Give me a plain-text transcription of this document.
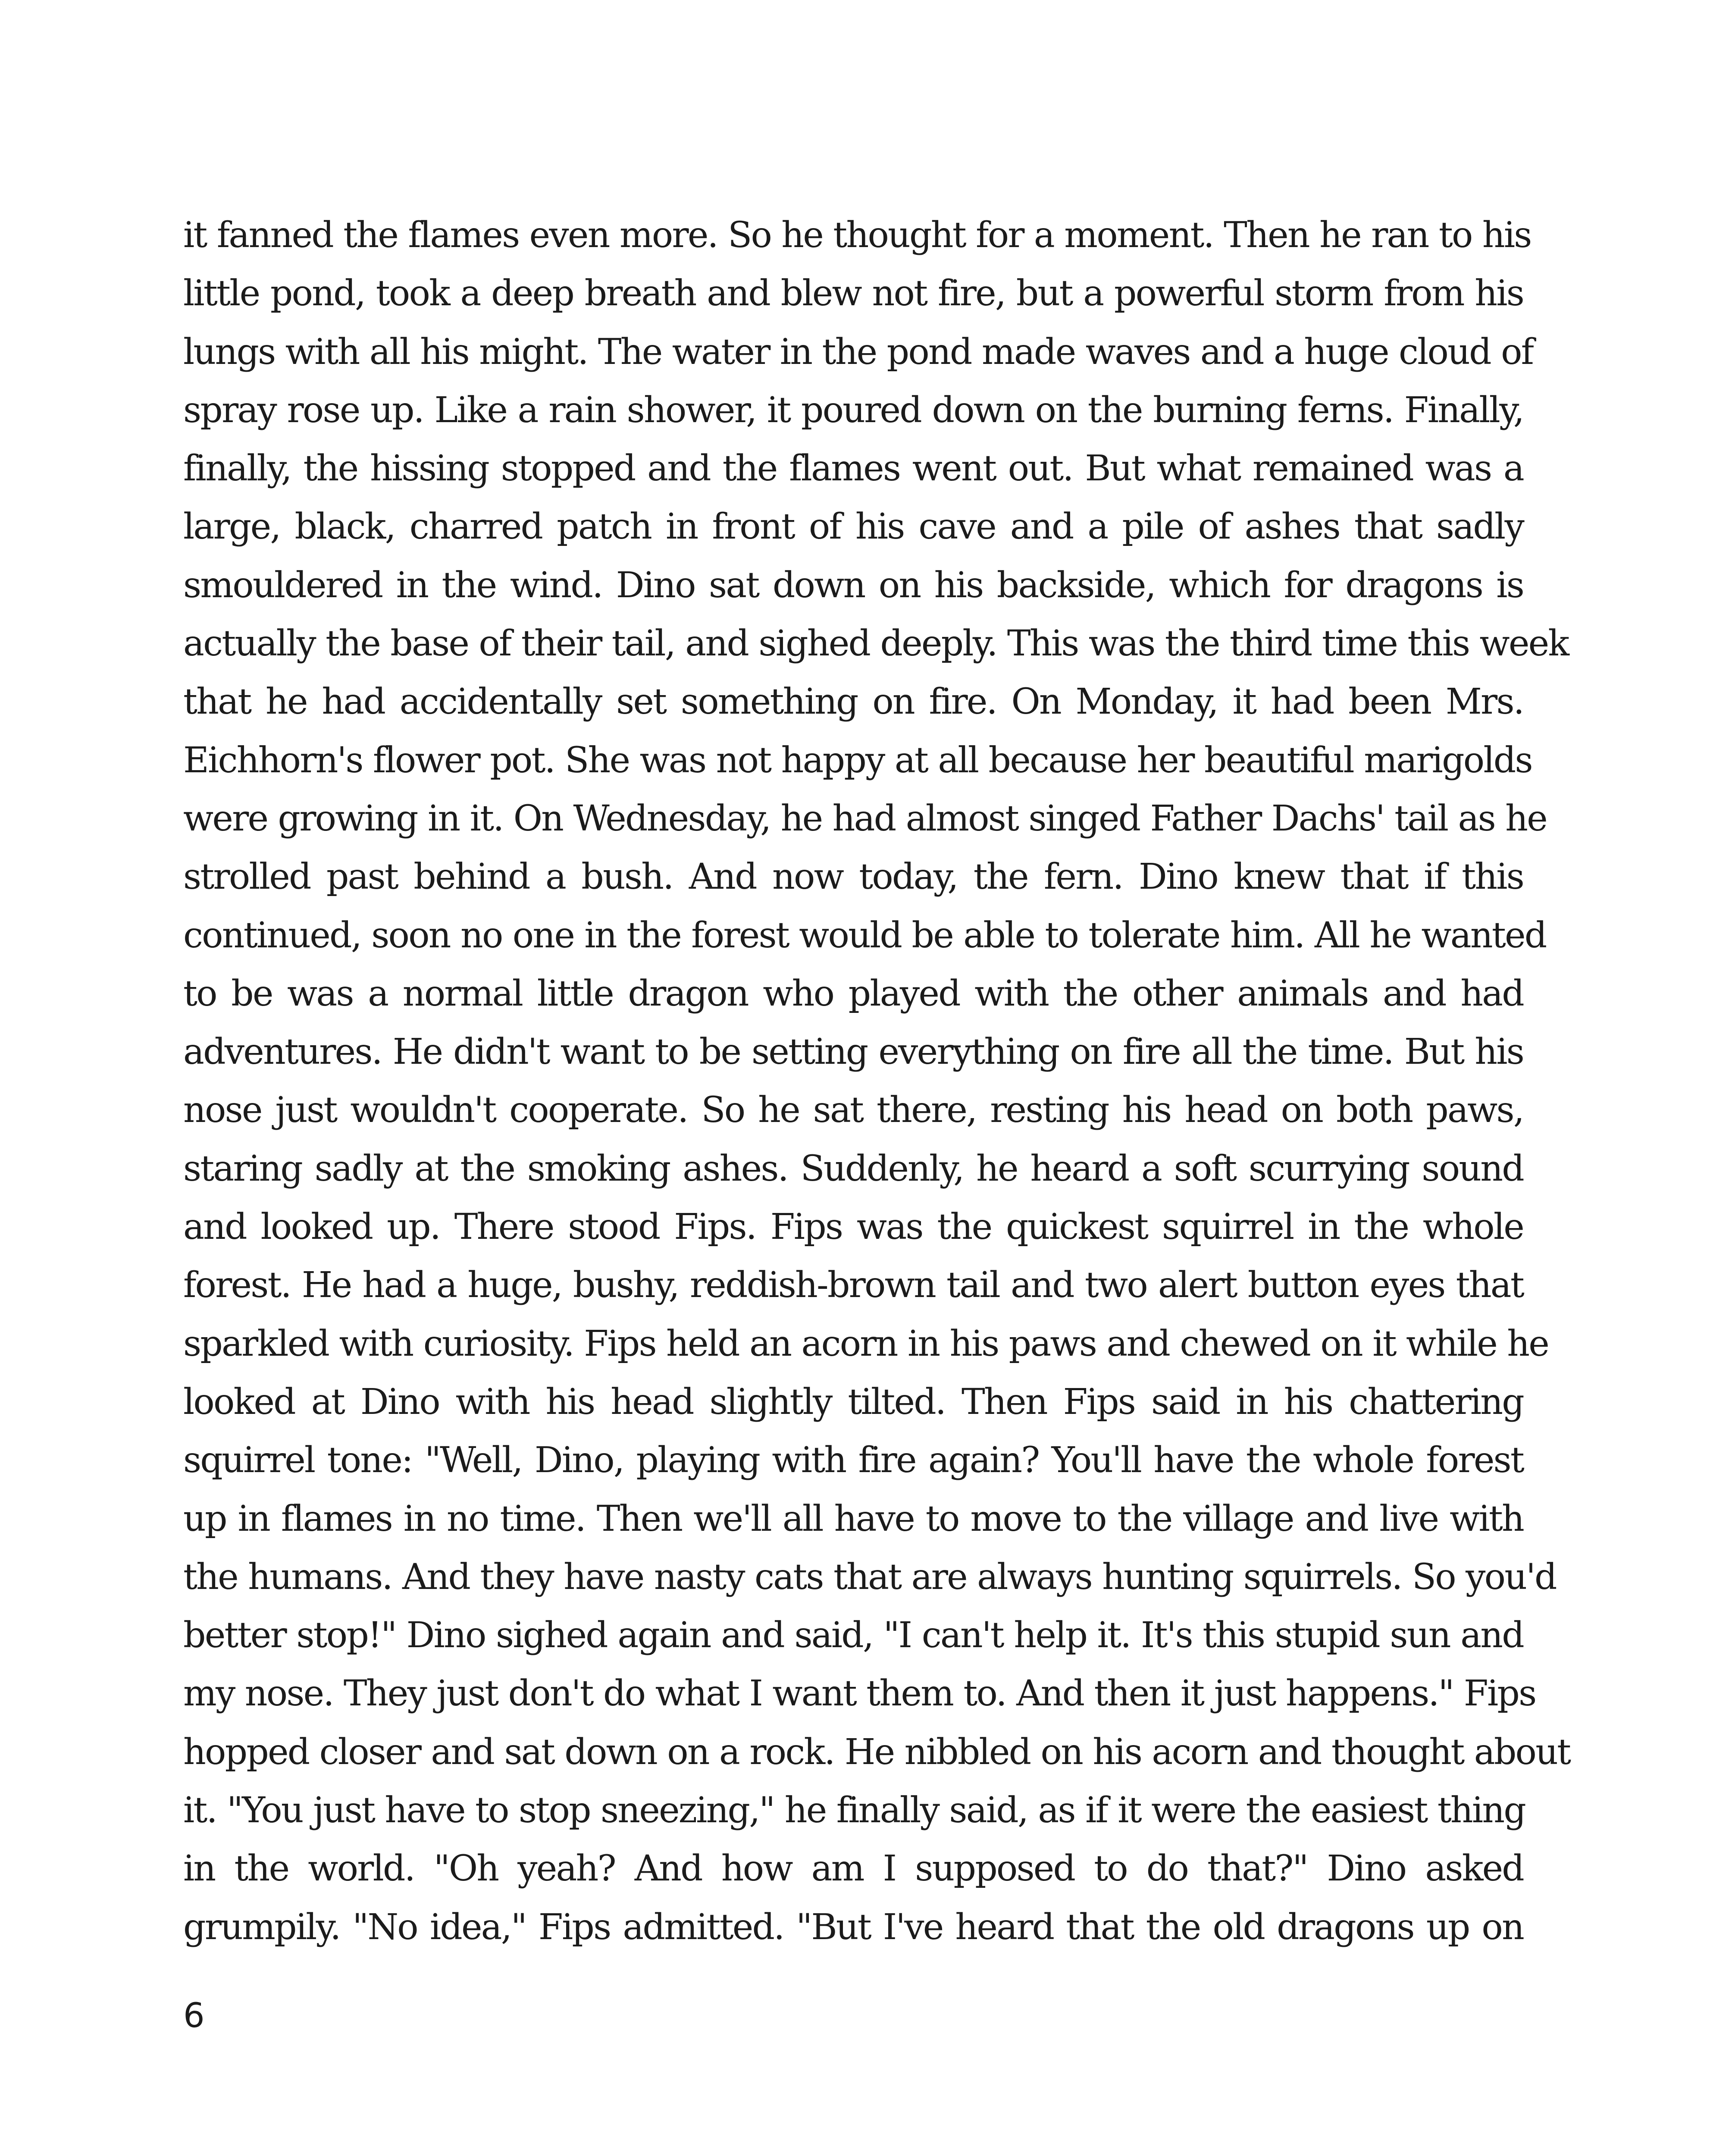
it fanned the flames even more. So he thought for a moment. Then he ran to his
little pond, took a deep breath and blew not fire, but a powerful storm from his
lungs with all his might. The water in the pond made waves and a huge cloud of
spray rose up. Like a rain shower, it poured down on the burning ferns. Finally,
finally, the hissing stopped and the flames went out. But what remained was a
large, black, charred patch in front of his cave and a pile of ashes that sadly
smouldered in the wind. Dino sat down on his backside, which for dragons is
actually the base of their tail, and sighed deeply. This was the third time this week
that he had accidentally set something on fire. On Monday, it had been Mrs.
Eichhorn's flower pot. She was not happy at all because her beautiful marigolds
were growing in it. On Wednesday, he had almost singed Father Dachs' tail as he
strolled past behind a bush. And now today, the fern. Dino knew that if this
continued, soon no one in the forest would be able to tolerate him. All he wanted
to be was a normal little dragon who played with the other animals and had
adventures. He didn't want to be setting everything on fire all the time. But his
nose just wouldn't cooperate. So he sat there, resting his head on both paws,
staring sadly at the smoking ashes. Suddenly, he heard a soft scurrying sound
and looked up. There stood Fips. Fips was the quickest squirrel in the whole
forest. He had a huge, bushy, reddish-brown tail and two alert button eyes that
sparkled with curiosity. Fips held an acorn in his paws and chewed on it while he
looked at Dino with his head slightly tilted. Then Fips said in his chattering
squirrel tone: "Well, Dino, playing with fire again? You'll have the whole forest
up in flames in no time. Then we'll all have to move to the village and live with
the humans. And they have nasty cats that are always hunting squirrels. So you'd
better stop!" Dino sighed again and said, "I can't help it. It's this stupid sun and
my nose. They just don't do what I want them to. And then it just happens." Fips
hopped closer and sat down on a rock. He nibbled on his acorn and thought about
it. "You just have to stop sneezing," he finally said, as if it were the easiest thing
in the world. "Oh yeah? And how am I supposed to do that?" Dino asked
grumpily. "No idea," Fips admitted. "But I've heard that the old dragons up on

6
